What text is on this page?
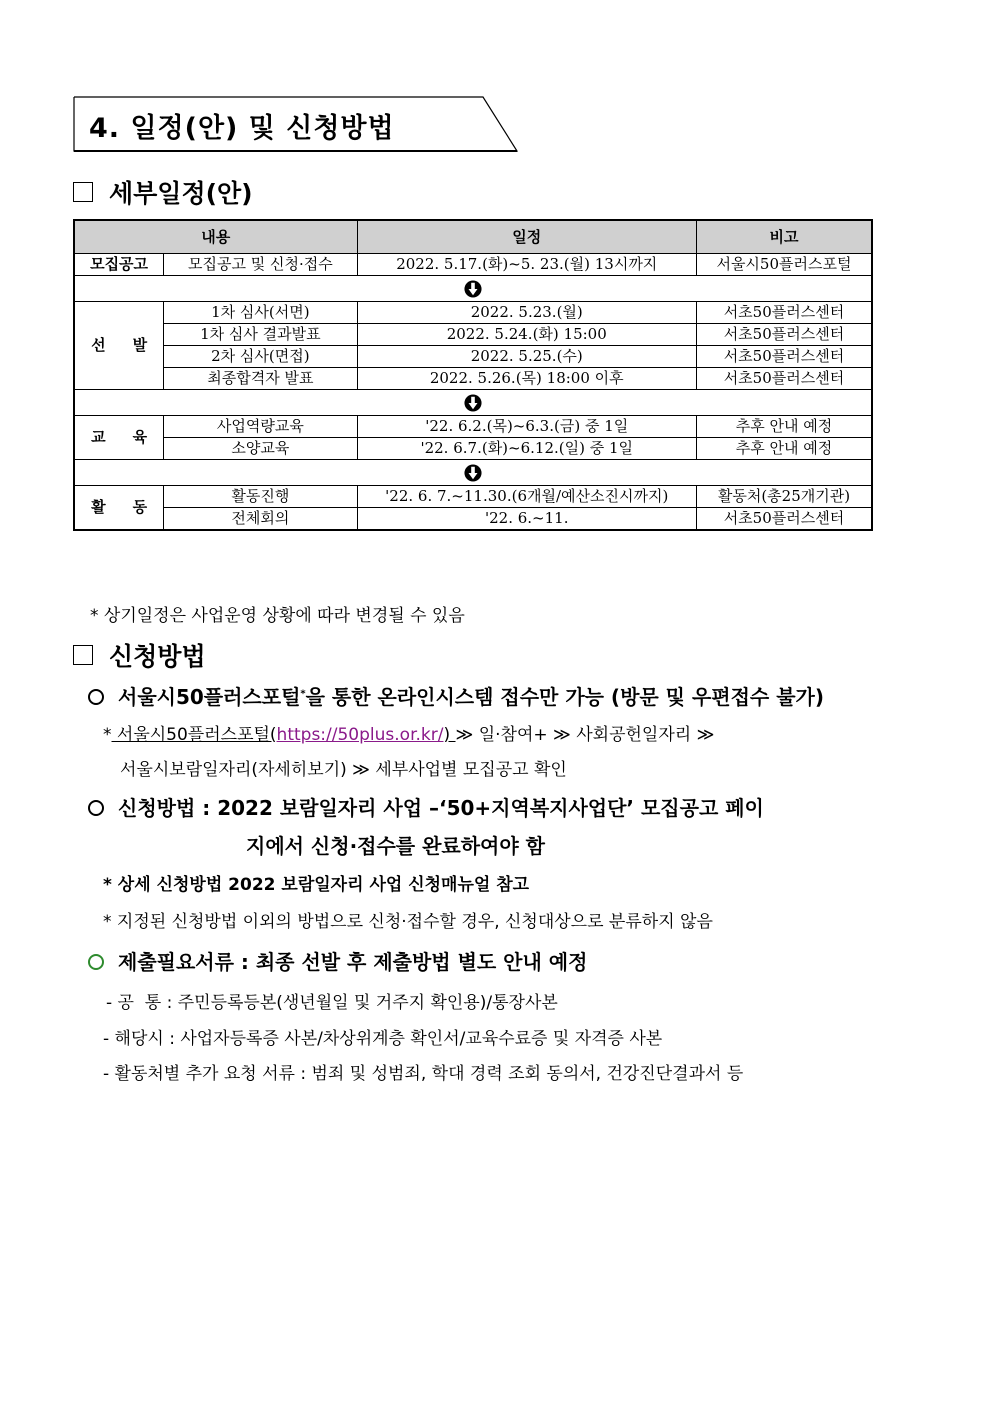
4. 일정(안) 및 신청방법
세부일정(안)
내용		일정	비고
모집공고	모집공고 및 신청·접수	2022. 5.17.(화)~5. 23.(월) 13시까지	서울시50플러스포털

선 발	1차 심사(서면)	2022. 5.23.(월)	서초50플러스센터
	1차 심사 결과발표	2022. 5.24.(화) 15:00	서초50플러스센터
	2차 심사(면접)	2022. 5.25.(수)	서초50플러스센터
	최종합격자 발표	2022. 5.26.(목) 18:00 이후	서초50플러스센터

교 육	사업역량교육	'22. 6.2.(목)~6.3.(금) 중 1일	추후 안내 예정
	소양교육	'22. 6.7.(화)~6.12.(일) 중 1일	추후 안내 예정

활 동	활동진행	'22. 6. 7.~11.30.(6개월/예산소진시까지)	활동처(총25개기관)
	전체회의	'22. 6.~11.	서초50플러스센터
* 상기일정은 사업운영 상황에 따라 변경될 수 있음
신청방법
서울시50플러스포털*을 통한 온라인시스템 접수만 가능 (방문 및 우편접수 불가)
* 서울시50플러스포털(https://50plus.or.kr/) ≫ 일·참여+ ≫ 사회공헌일자리 ≫
서울시보람일자리(자세히보기) ≫ 세부사업별 모집공고 확인
신청방법 : 2022 보람일자리 사업 –‘50+지역복지사업단’ 모집공고 페이
지에서 신청·접수를 완료하여야 함
* 상세 신청방법 2022 보람일자리 사업 신청매뉴얼 참고
* 지정된 신청방법 이외의 방법으로 신청·접수할 경우, 신청대상으로 분류하지 않음
제출필요서류 : 최종 선발 후 제출방법 별도 안내 예정
- 공  통 : 주민등록등본(생년월일 및 거주지 확인용)/통장사본
- 해당시 : 사업자등록증 사본/차상위계층 확인서/교육수료증 및 자격증 사본
- 활동처별 추가 요청 서류 : 범죄 및 성범죄, 학대 경력 조회 동의서, 건강진단결과서 등
